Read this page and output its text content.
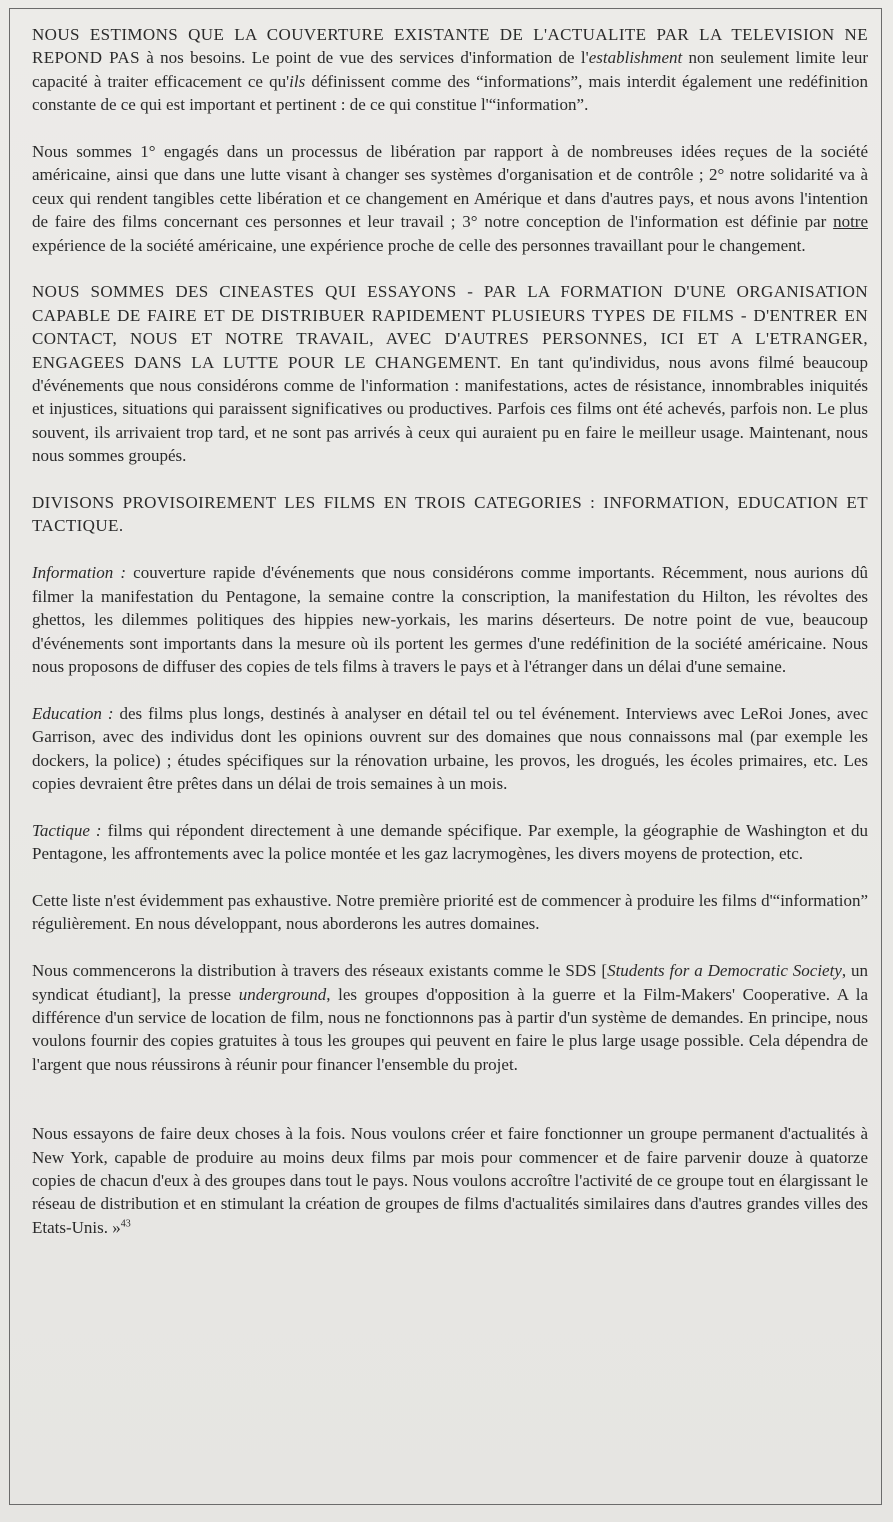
NOUS ESTIMONS QUE LA COUVERTURE EXISTANTE DE L'ACTUALITE PAR LA TELEVISION NE REPOND PAS à nos besoins. Le point de vue des services d'information de l'establishment non seulement limite leur capacité à traiter efficacement ce qu'ils définissent comme des “informations”, mais interdit également une redéfinition constante de ce qui est important et pertinent : de ce qui constitue l'“information”.

Nous sommes 1° engagés dans un processus de libération par rapport à de nombreuses idées reçues de la société américaine, ainsi que dans une lutte visant à changer ses systèmes d'organisation et de contrôle ; 2° notre solidarité va à ceux qui rendent tangibles cette libération et ce changement en Amérique et dans d'autres pays, et nous avons l'intention de faire des films concernant ces personnes et leur travail ; 3° notre conception de l'information est définie par notre expérience de la société américaine, une expérience proche de celle des personnes travaillant pour le changement.

NOUS SOMMES DES CINEASTES QUI ESSAYONS - PAR LA FORMATION D'UNE ORGANISATION CAPABLE DE FAIRE ET DE DISTRIBUER RAPIDEMENT PLUSIEURS TYPES DE FILMS - D'ENTRER EN CONTACT, NOUS ET NOTRE TRAVAIL, AVEC D'AUTRES PERSONNES, ICI ET A L'ETRANGER, ENGAGEES DANS LA LUTTE POUR LE CHANGEMENT. En tant qu'individus, nous avons filmé beaucoup d'événements que nous considérons comme de l'information : manifestations, actes de résistance, innombrables iniquités et injustices, situations qui paraissent significatives ou productives. Parfois ces films ont été achevés, parfois non. Le plus souvent, ils arrivaient trop tard, et ne sont pas arrivés à ceux qui auraient pu en faire le meilleur usage. Maintenant, nous nous sommes groupés.

DIVISONS PROVISOIREMENT LES FILMS EN TROIS CATEGORIES : INFORMATION, EDUCATION ET TACTIQUE.

Information : couverture rapide d'événements que nous considérons comme importants. Récemment, nous aurions dû filmer la manifestation du Pentagone, la semaine contre la conscription, la manifestation du Hilton, les révoltes des ghettos, les dilemmes politiques des hippies new-yorkais, les marins déserteurs. De notre point de vue, beaucoup d'événements sont importants dans la mesure où ils portent les germes d'une redéfinition de la société américaine. Nous nous proposons de diffuser des copies de tels films à travers le pays et à l'étranger dans un délai d'une semaine.

Education : des films plus longs, destinés à analyser en détail tel ou tel événement. Interviews avec LeRoi Jones, avec Garrison, avec des individus dont les opinions ouvrent sur des domaines que nous connaissons mal (par exemple les dockers, la police) ; études spécifiques sur la rénovation urbaine, les provos, les drogués, les écoles primaires, etc. Les copies devraient être prêtes dans un délai de trois semaines à un mois.

Tactique : films qui répondent directement à une demande spécifique. Par exemple, la géographie de Washington et du Pentagone, les affrontements avec la police montée et les gaz lacrymogènes, les divers moyens de protection, etc.

Cette liste n'est évidemment pas exhaustive. Notre première priorité est de commencer à produire les films d'“information” régulièrement. En nous développant, nous aborderons les autres domaines.

Nous commencerons la distribution à travers des réseaux existants comme le SDS [Students for a Democratic Society, un syndicat étudiant], la presse underground, les groupes d'opposition à la guerre et la Film-Makers' Cooperative. A la différence d'un service de location de film, nous ne fonctionnons pas à partir d'un système de demandes. En principe, nous voulons fournir des copies gratuites à tous les groupes qui peuvent en faire le plus large usage possible. Cela dépendra de l'argent que nous réussirons à réunir pour financer l'ensemble du projet.

Nous essayons de faire deux choses à la fois. Nous voulons créer et faire fonctionner un groupe permanent d'actualités à New York, capable de produire au moins deux films par mois pour commencer et de faire parvenir douze à quatorze copies de chacun d'eux à des groupes dans tout le pays. Nous voulons accroître l'activité de ce groupe tout en élargissant le réseau de distribution et en stimulant la création de groupes de films d'actualités similaires dans d'autres grandes villes des Etats-Unis. »$^{43}$
